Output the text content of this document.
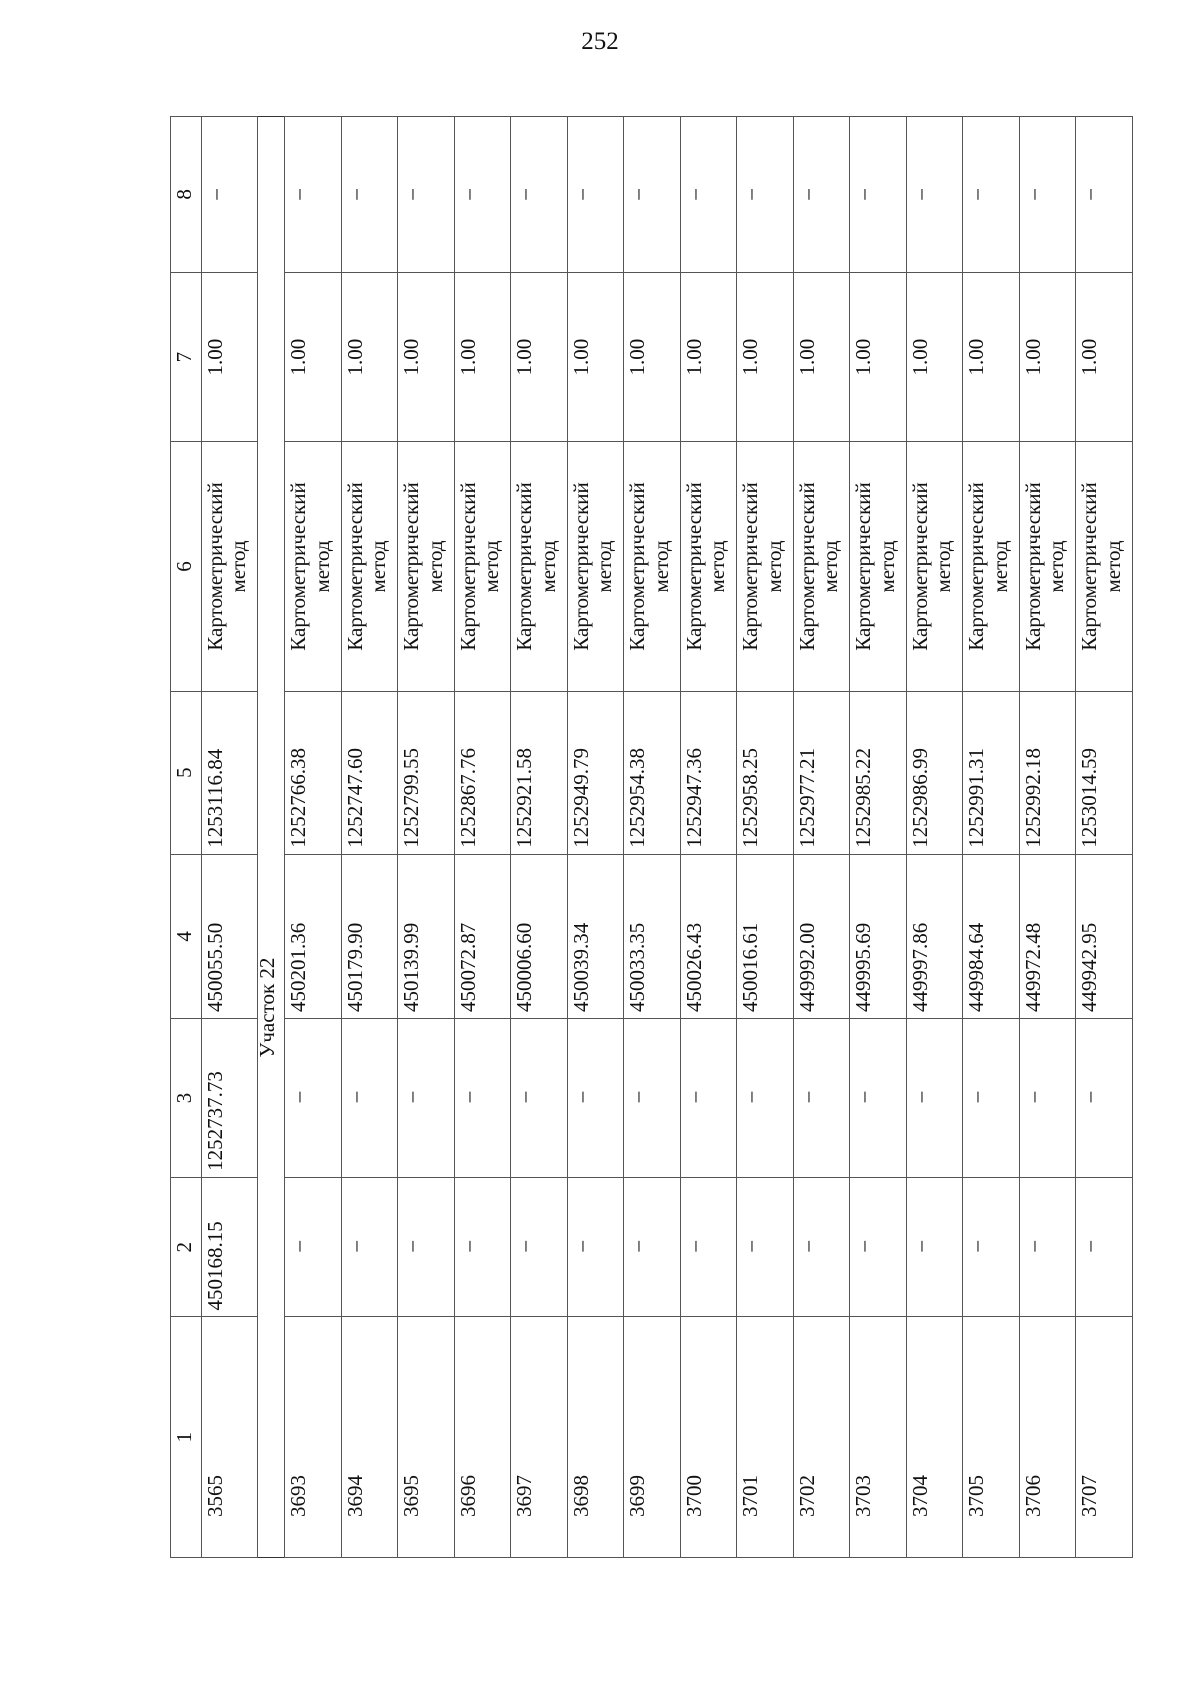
252
1	2	3	4	5	6	7	8
3565	450168.15	1252737.73	450055.50	1253116.84	Картометрический метод	1.00	–
Участок 22							
3693	–	–	450201.36	1252766.38	Картометрический метод	1.00	–
3694	–	–	450179.90	1252747.60	Картометрический метод	1.00	–
3695	–	–	450139.99	1252799.55	Картометрический метод	1.00	–
3696	–	–	450072.87	1252867.76	Картометрический метод	1.00	–
3697	–	–	450006.60	1252921.58	Картометрический метод	1.00	–
3698	–	–	450039.34	1252949.79	Картометрический метод	1.00	–
3699	–	–	450033.35	1252954.38	Картометрический метод	1.00	–
3700	–	–	450026.43	1252947.36	Картометрический метод	1.00	–
3701	–	–	450016.61	1252958.25	Картометрический метод	1.00	–
3702	–	–	449992.00	1252977.21	Картометрический метод	1.00	–
3703	–	–	449995.69	1252985.22	Картометрический метод	1.00	–
3704	–	–	449997.86	1252986.99	Картометрический метод	1.00	–
3705	–	–	449984.64	1252991.31	Картометрический метод	1.00	–
3706	–	–	449972.48	1252992.18	Картометрический метод	1.00	–
3707	–	–	449942.95	1253014.59	Картометрический метод	1.00	–
